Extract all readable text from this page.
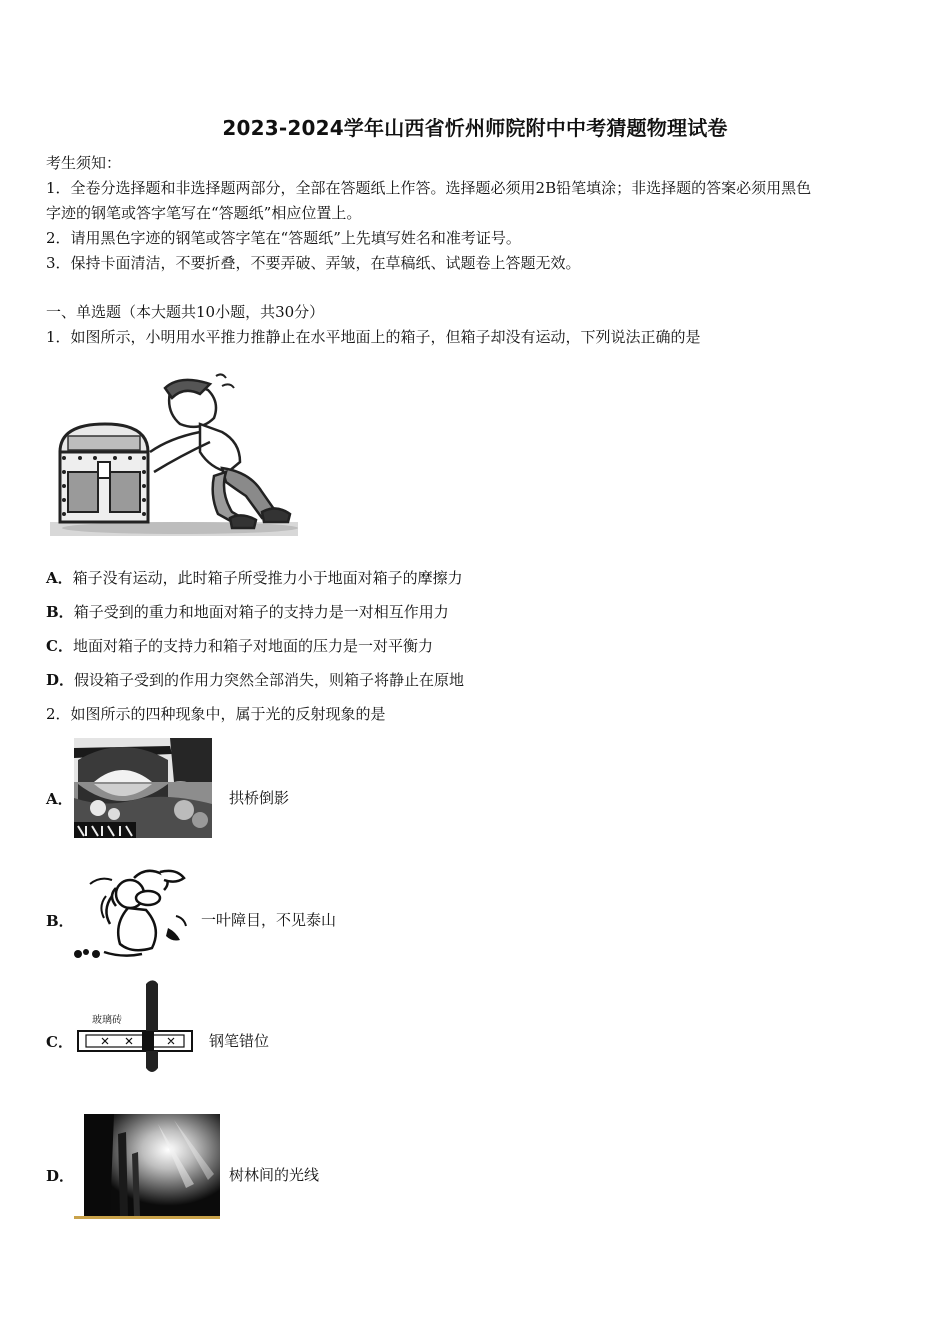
2023-2024学年山西省忻州师院附中中考猜题物理试卷
考生须知：
1．全卷分选择题和非选择题两部分，全部在答题纸上作答。选择题必须用2B铅笔填涂；非选择题的答案必须用黑色
字迹的钢笔或答字笔写在“答题纸”相应位置上。
2．请用黑色字迹的钢笔或答字笔在“答题纸”上先填写姓名和准考证号。
3．保持卡面清洁，不要折叠，不要弄破、弄皱，在草稿纸、试题卷上答题无效。
一、单选题（本大题共10小题，共30分）
1．如图所示，小明用水平推力推静止在水平地面上的箱子，但箱子却没有运动，下列说法正确的是
A．箱子没有运动，此时箱子所受推力小于地面对箱子的摩擦力
B．箱子受到的重力和地面对箱子的支持力是一对相互作用力
C．地面对箱子的支持力和箱子对地面的压力是一对平衡力
D．假设箱子受到的作用力突然全部消失，则箱子将静止在原地
2．如图所示的四种现象中，属于光的反射现象的是
A．	拱桥倒影
B．	一叶障目，不见泰山
C．
玻璃砖
钢笔错位
D．	树林间的光线
